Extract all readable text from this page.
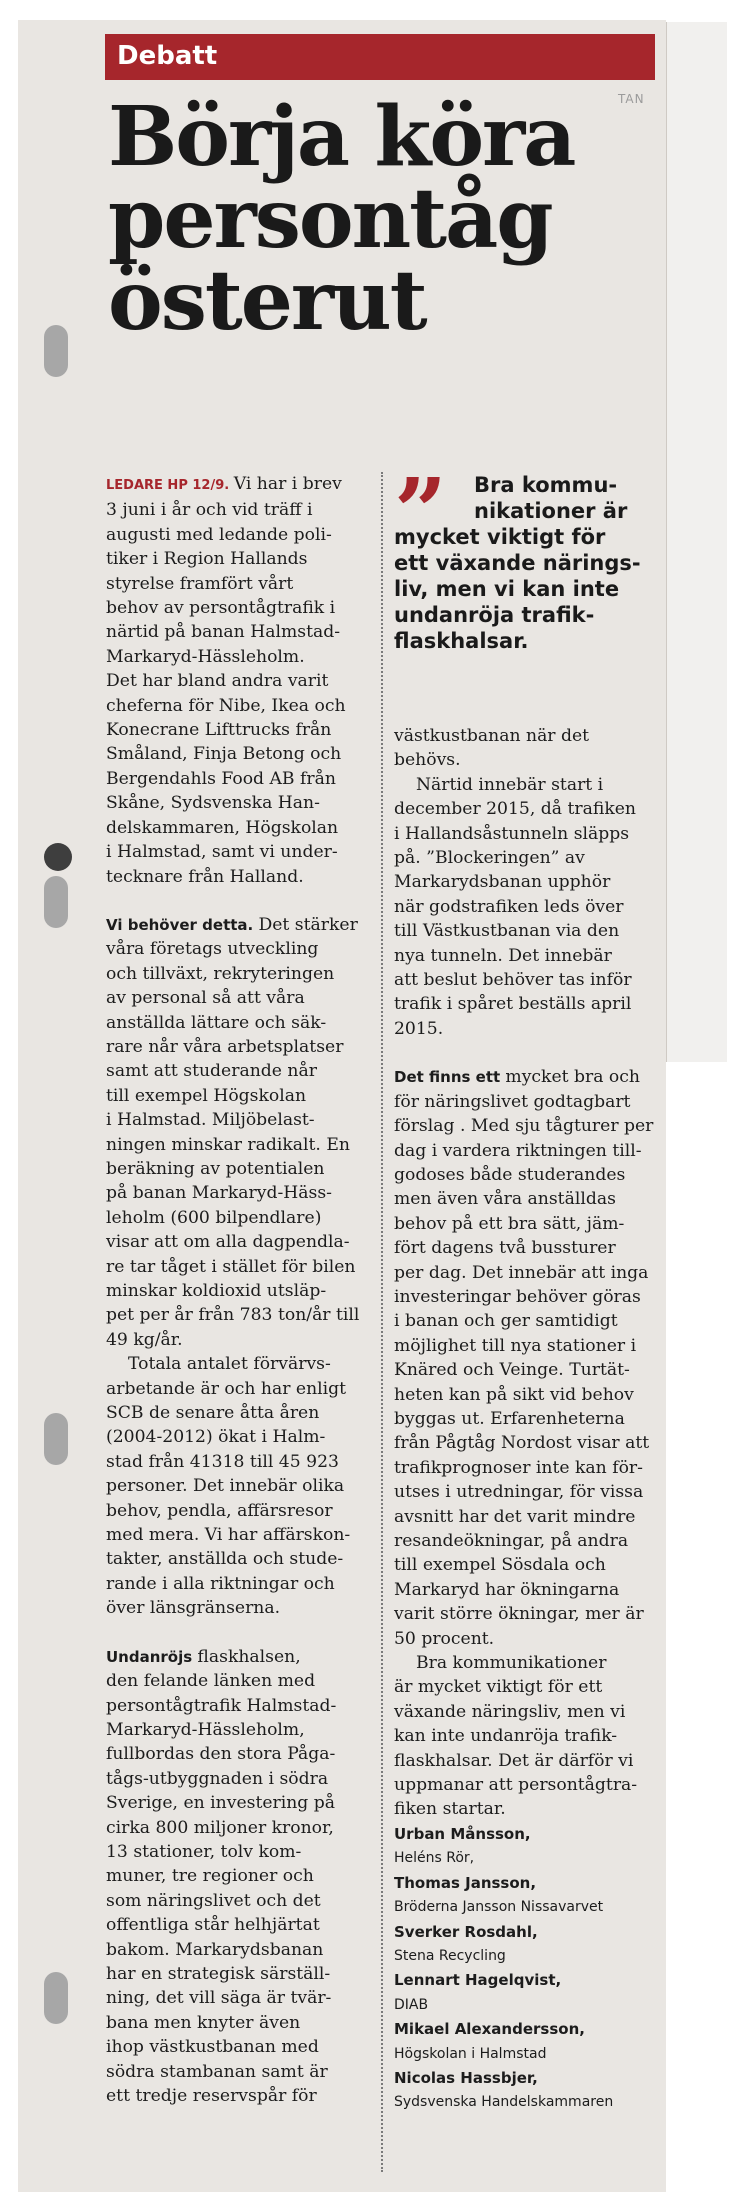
Debatt
TAN
Börja köra
persontåg
österut

LEDARE HP 12/9. Vi har i brev
3 juni i år och vid träff i
augusti med ledande poli-
tiker i Region Hallands
styrelse framfört vårt
behov av persontågtrafik i
närtid på banan Halmstad-
Markaryd-Hässleholm.
Det har bland andra varit
cheferna för Nibe, Ikea och
Konecrane Lifttrucks från
Småland, Finja Betong och
Bergendahls Food AB från
Skåne, Sydsvenska Han-
delskammaren, Högskolan
i Halmstad, samt vi under-
tecknare från Halland.

Vi behöver detta. Det stärker
våra företags utveckling
och tillväxt, rekryteringen
av personal så att våra
anställda lättare och säk-
rare når våra arbetsplatser
samt att studerande når
till exempel Högskolan
i Halmstad. Miljöbelast-
ningen minskar radikalt. En
beräkning av potentialen
på banan Markaryd-Häss-
leholm (600 bilpendlare)
visar att om alla dagpendla-
re tar tåget i stället för bilen
minskar koldioxid utsläp-
pet per år från 783 ton/år till
49 kg/år.

Totala antalet förvärvs-
arbetande är och har enligt
SCB de senare åtta åren
(2004-2012) ökat i Halm-
stad från 41318 till 45 923
personer. Det innebär olika
behov, pendla, affärsresor
med mera. Vi har affärskon-
takter, anställda och stude-
rande i alla riktningar och
över länsgränserna.

Undanröjs flaskhalsen,
den felande länken med
persontågtrafik Halmstad-
Markaryd-Hässleholm,
fullbordas den stora Påga-
tågs-utbyggnaden i södra
Sverige, en investering på
cirka 800 miljoner kronor,
13 stationer, tolv kom-
muner, tre regioner och
som näringslivet och det
offentliga står helhjärtat
bakom. Markarydsbanan
har en strategisk särställ-
ning, det vill säga är tvär-
bana men knyter även
ihop västkustbanan med
södra stambanan samt är
ett tredje reservspår för

”	Bra kommu-
nikationer är
mycket viktigt för
ett växande närings-
liv, men vi kan inte
undanröja trafik-
flaskhalsar.

västkustbanan när det
behövs.

Närtid innebär start i
december 2015, då trafiken
i Hallandsåstunneln släpps
på. ”Blockeringen” av
Markarydsbanan upphör
när godstrafiken leds över
till Västkustbanan via den
nya tunneln. Det innebär
att beslut behöver tas inför
trafik i spåret beställs april
2015.

Det finns ett mycket bra och
för näringslivet godtagbart
förslag . Med sju tågturer per
dag i vardera riktningen till-
godoses både studerandes
men även våra anställdas
behov på ett bra sätt, jäm-
fört dagens två bussturer
per dag. Det innebär att inga
investeringar behöver göras
i banan och ger samtidigt
möjlighet till nya stationer i
Knäred och Veinge. Turtät-
heten kan på sikt vid behov
byggas ut. Erfarenheterna
från Pågtåg Nordost visar att
trafikprognoser inte kan för-
utses i utredningar, för vissa
avsnitt har det varit mindre
resandeökningar, på andra
till exempel Sösdala och
Markaryd har ökningarna
varit större ökningar, mer är
50 procent.

Bra kommunikationer
är mycket viktigt för ett
växande näringsliv, men vi
kan inte undanröja trafik-
flaskhalsar. Det är därför vi
uppmanar att persontågtra-
fiken startar.

Urban Månsson,
Heléns Rör,
Thomas Jansson,
Bröderna Jansson Nissavarvet
Sverker Rosdahl,
Stena Recycling
Lennart Hagelqvist,
DIAB
Mikael Alexandersson,
Högskolan i Halmstad
Nicolas Hassbjer,
Sydsvenska Handelskammaren
